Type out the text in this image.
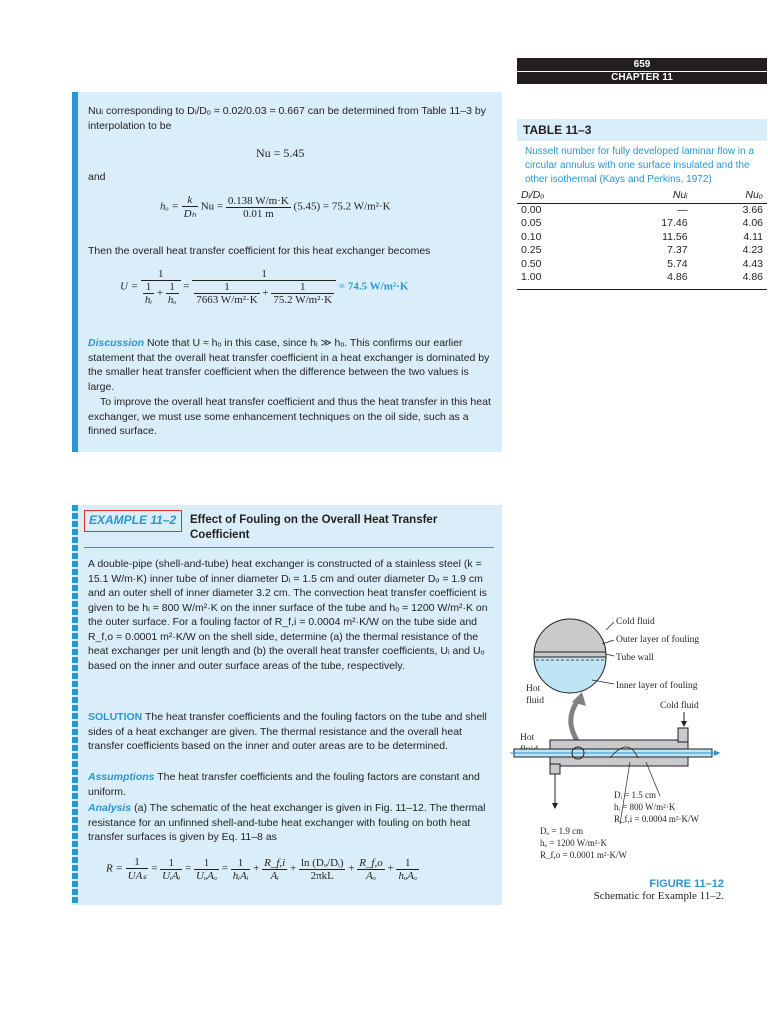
659
CHAPTER 11
Nuᵢ corresponding to Dᵢ/Dₒ = 0.02/0.03 = 0.667 can be determined from Table 11–3 by interpolation to be
Nu = 5.45
and
$h_o = \frac{k}{\text{Dₕ}}$ $Nu = \frac{0.138 W/m\cdot K}{0.01 m} (5.45) = 75.2$ W/m²·K
Then the overall heat transfer coefficient for this heat exchanger becomes
$U = \frac{1}{\frac{1}{\text{hᵢ}} + \frac{1}{\text{hₒ}}} = \frac{1}{\frac{1}{\text{7663 W/m²·K}} + \frac{1}{\text{75.2 W/m²·K}}} = 74.5$ W/m²·K
Discussion Note that U ≈ hₒ in this case, since hᵢ ≫ hₒ. This confirms our earlier statement that the overall heat transfer coefficient in a heat exchanger is dominated by the smaller heat transfer coefficient when the difference between the two values is large.
To improve the overall heat transfer coefficient and thus the heat transfer in this heat exchanger, we must use some enhancement techniques on the oil side, such as a finned surface.
TABLE 11–3
Nusselt number for fully developed laminar flow in a circular annulus with one surface insulated and the other isothermal (Kays and Perkins, 1972)
Dᵢ/Dₒ	Nuᵢ	Nuₒ
0.00	—	3.66
0.05	17.46	4.06
0.10	11.56	4.11
0.25	7.37	4.23
0.50	5.74	4.43
1.00	4.86	4.86
EXAMPLE 11–2 Effect of Fouling on the Overall Heat Transfer Coefficient
A double-pipe (shell-and-tube) heat exchanger is constructed of a stainless steel (k = 15.1 W/m·K) inner tube of inner diameter Dᵢ = 1.5 cm and outer diameter Dₒ = 1.9 cm and an outer shell of inner diameter 3.2 cm. The convection heat transfer coefficient is given to be hᵢ = 800 W/m²·K on the inner surface of the tube and hₒ = 1200 W/m²·K on the outer surface. For a fouling factor of R_f,i = 0.0004 m²·K/W on the tube side and R_f,o = 0.0001 m²·K/W on the shell side, determine (a) the thermal resistance of the heat exchanger per unit length and (b) the overall heat transfer coefficients, Uᵢ and Uₒ based on the inner and outer surface areas of the tube, respectively.
SOLUTION The heat transfer coefficients and the fouling factors on the tube and shell sides of a heat exchanger are given. The thermal resistance and the overall heat transfer coefficients based on the inner and outer areas are to be determined.
Assumptions The heat transfer coefficients and the fouling factors are constant and uniform.
Analysis (a) The schematic of the heat exchanger is given in Fig. 11–12. The thermal resistance for an unfinned shell-and-tube heat exchanger with fouling on both heat transfer surfaces is given by Eq. 11–8 as
$R = \frac{1}{\text{UAₛ}} = \frac{1}{\text{UᵢAᵢ}} = \frac{1}{\text{UₒAₒ}} = \frac{1}{\text{hᵢAᵢ}} + \frac{R\_f,i}{\text{Aᵢ}} + \frac{\text{ln (Dₒ/Dᵢ)}}{\text{2πkL}} + \frac{R\_f,o}{\text{Aₒ}} + \frac{1}{\text{hₒAₒ}}$
Cold fluid
Outer layer of fouling
Tube wall
Inner layer of fouling
Hot
fluid	Cold fluid
Hot
Dᵢ = 1.5 cm
hᵢ = 800 W/m²·K
R_f,i = 0.0004 m²·K/W
Dₒ = 1.9 cm
hₒ = 1200 W/m²·K
R_f,o = 0.0001 m²·K/W
FIGURE 11–12
Schematic for Example 11–2.
